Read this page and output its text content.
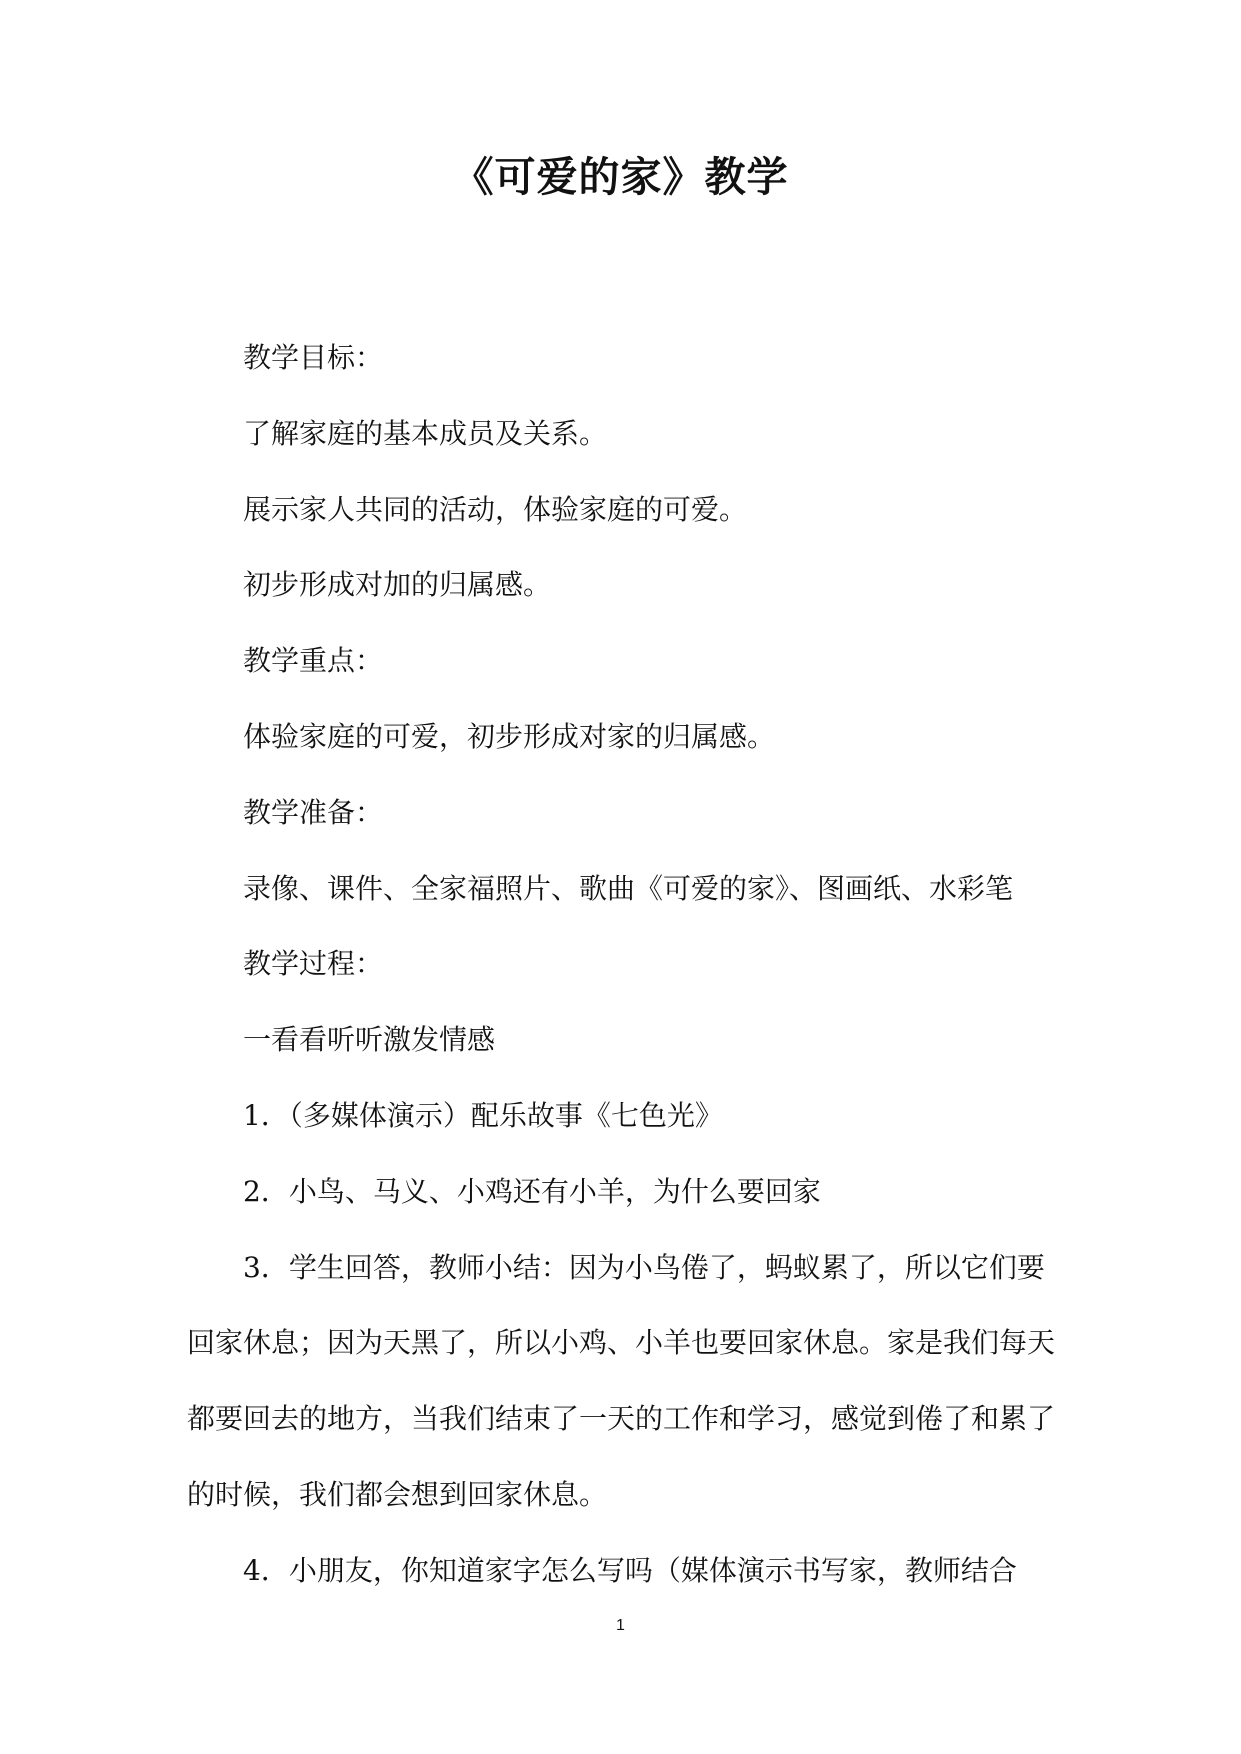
《可爱的家》教学

教学目标：

了解家庭的基本成员及关系。

展示家人共同的活动，体验家庭的可爱。

初步形成对加的归属感。

教学重点：

体验家庭的可爱，初步形成对家的归属感。

教学准备：

录像、课件、全家福照片、歌曲《可爱的家》、图画纸、水彩笔

教学过程：

一看看听听激发情感

1．（多媒体演示）配乐故事《七色光》

2．小鸟、马义、小鸡还有小羊，为什么要回家

3．学生回答，教师小结：因为小鸟倦了，蚂蚁累了，所以它们要回家休息；因为天黑了，所以小鸡、小羊也要回家休息。家是我们每天都要回去的地方，当我们结束了一天的工作和学习，感觉到倦了和累了的时候，我们都会想到回家休息。

4．小朋友，你知道家字怎么写吗（媒体演示书写家，教师结合

1
